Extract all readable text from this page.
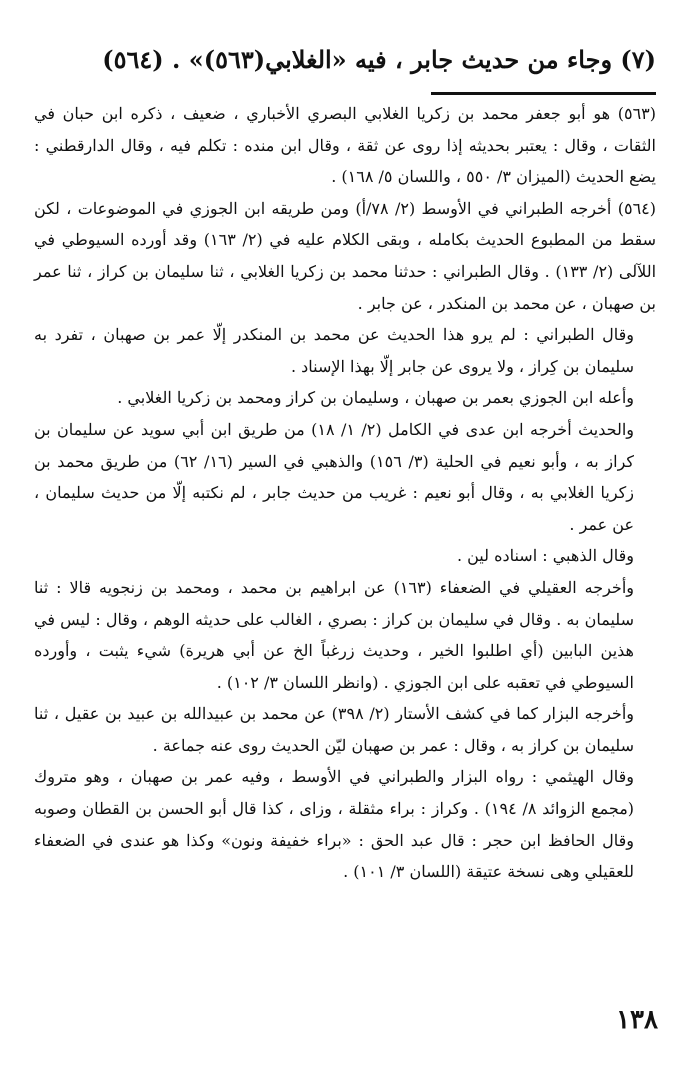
(٧) وجاء من حديث جابر ، فيه «الغلابي(٥٦٣)» . (٥٦٤)

(٥٦٣) هو أبو جعفر محمد بن زكريا الغلابي البصري الأخباري ، ضعيف ، ذكره ابن حبان في الثقات ، وقال : يعتبر بحديثه إذا روى عن ثقة ، وقال ابن منده : تكلم فيه ، وقال الدارقطني : يضع الحديث (الميزان ٣/ ٥٥٠ ، واللسان ٥/ ١٦٨) .

(٥٦٤) أخرجه الطبراني في الأوسط (٢/ ٧٨/أ) ومن طريقه ابن الجوزي في الموضوعات ، لكن سقط من المطبوع الحديث بكامله ، وبقى الكلام عليه في (٢/ ١٦٣) وقد أورده السيوطي في اللآلى (٢/ ١٣٣) . وقال الطبراني : حدثنا محمد بن زكريا الغلابي ، ثنا سليمان بن كراز ، ثنا عمر بن صهبان ، عن محمد بن المنكدر ، عن جابر .

وقال الطبراني : لم يرو هذا الحديث عن محمد بن المنكدر إلّا عمر بن صهبان ، تفرد به سليمان بن كِراز ، ولا يروى عن جابر إلّا بهذا الإسناد .

وأعله ابن الجوزي بعمر بن صهبان ، وسليمان بن كراز ومحمد بن زكريا الغلابي .

والحديث أخرجه ابن عدى في الكامل (٢/ ١/ ١٨) من طريق ابن أبي سويد عن سليمان بن كراز به ، وأبو نعيم في الحلية (٣/ ١٥٦) والذهبي في السير (١٦/ ٦٢) من طريق محمد بن زكريا الغلابي به ، وقال أبو نعيم : غريب من حديث جابر ، لم نكتبه إلّا من حديث سليمان ، عن عمر .

وقال الذهبي : اسناده لين .

وأخرجه العقيلي في الضعفاء (١٦٣) عن ابراهيم بن محمد ، ومحمد بن زنجويه قالا : ثنا سليمان به . وقال في سليمان بن كراز : بصري ، الغالب على حديثه الوهم ، وقال : ليس في هذين البابين (أي اطلبوا الخير ، وحديث زرغباً الخ عن أبي هريرة) شيء يثبت ، وأورده السيوطي في تعقبه على ابن الجوزي . (وانظر اللسان ٣/ ١٠٢) .

وأخرجه البزار كما في كشف الأستار (٢/ ٣٩٨) عن محمد بن عبيدالله بن عبيد بن عقيل ، ثنا سليمان بن كراز به ، وقال : عمر بن صهبان ليّن الحديث روى عنه جماعة .

وقال الهيثمي : رواه البزار والطبراني في الأوسط ، وفيه عمر بن صهبان ، وهو متروك (مجمع الزوائد ٨/ ١٩٤) . وكراز : براء مثقلة ، وزاى ، كذا قال أبو الحسن بن القطان وصوبه وقال الحافظ ابن حجر : قال عبد الحق : «براء خفيفة ونون» وكذا هو عندى في الضعفاء للعقيلي وهى نسخة عتيقة (اللسان ٣/ ١٠١) .

١٣٨
